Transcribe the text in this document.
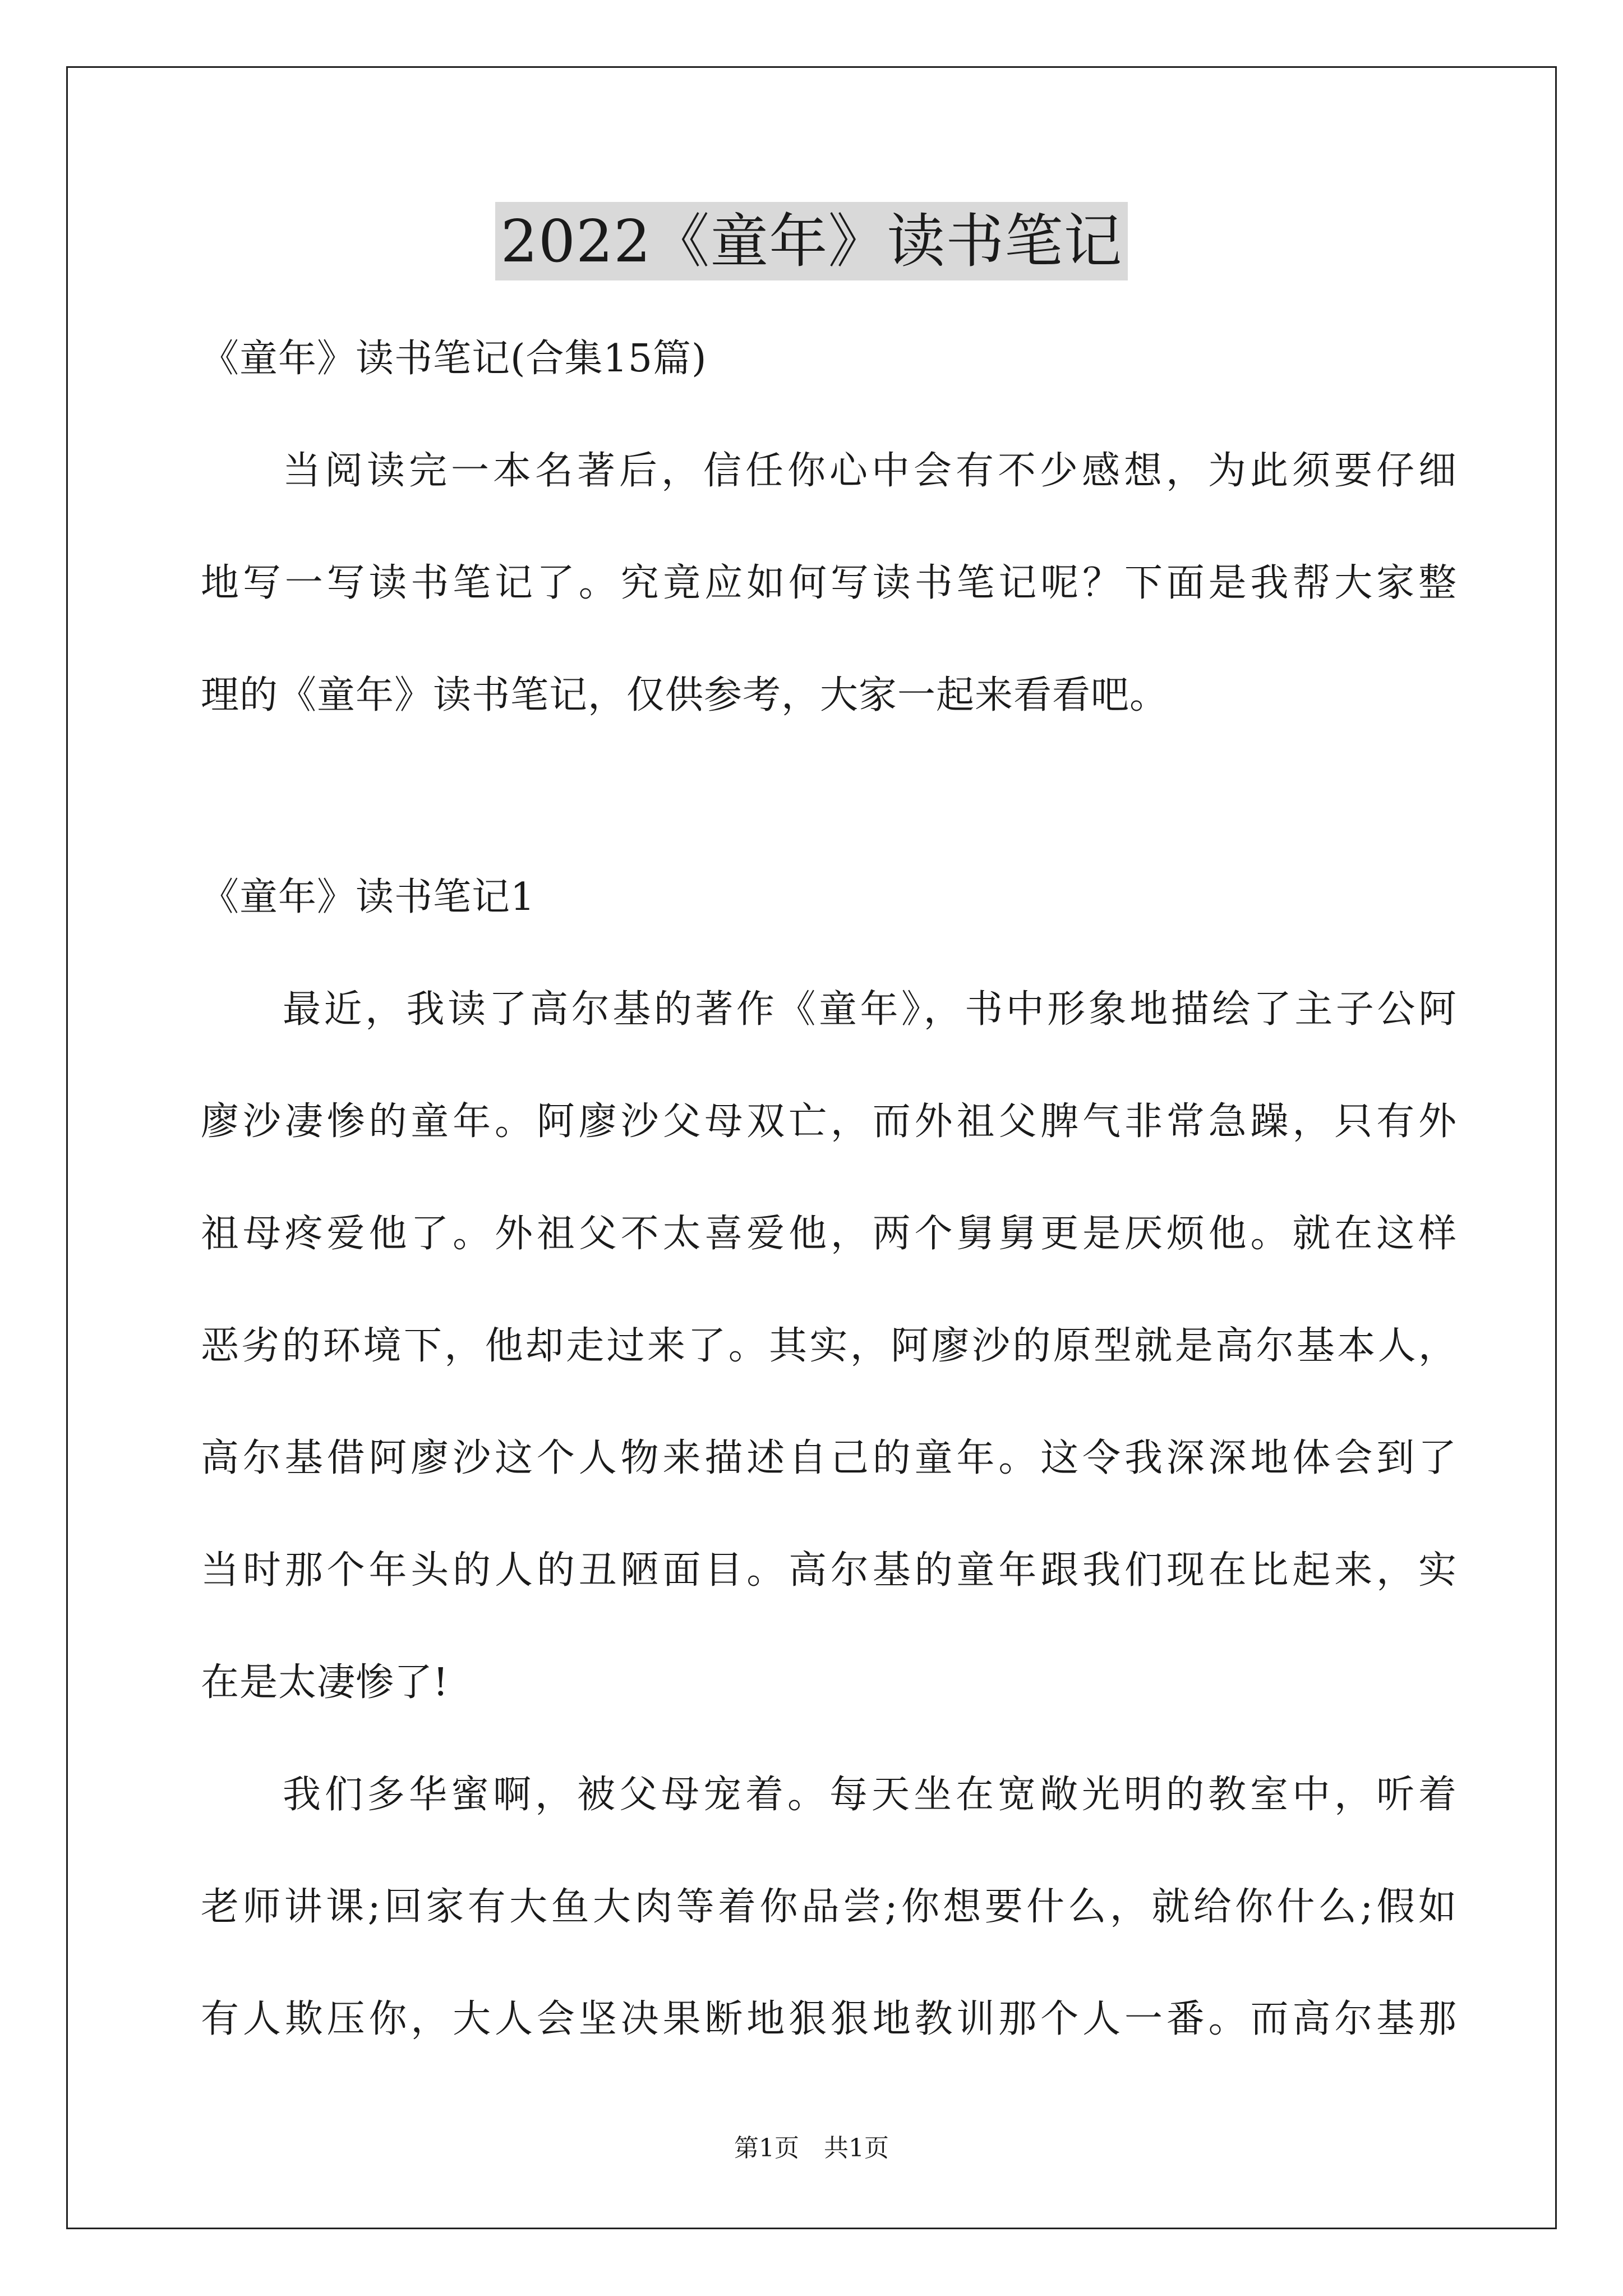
2022《童年》读书笔记
《童年》读书笔记(合集15篇)
当阅读完一本名著后，信任你心中会有不少感想，为此须要仔细
地写一写读书笔记了。究竟应如何写读书笔记呢？下面是我帮大家整
理的《童年》读书笔记，仅供参考，大家一起来看看吧。
《童年》读书笔记1
最近，我读了高尔基的著作《童年》，书中形象地描绘了主子公阿
廖沙凄惨的童年。阿廖沙父母双亡，而外祖父脾气非常急躁，只有外
祖母疼爱他了。外祖父不太喜爱他，两个舅舅更是厌烦他。就在这样
恶劣的环境下，他却走过来了。其实，阿廖沙的原型就是高尔基本人，
高尔基借阿廖沙这个人物来描述自己的童年。这令我深深地体会到了
当时那个年头的人的丑陋面目。高尔基的童年跟我们现在比起来，实
在是太凄惨了!
我们多华蜜啊，被父母宠着。每天坐在宽敞光明的教室中，听着
老师讲课;回家有大鱼大肉等着你品尝;你想要什么，就给你什么;假如
有人欺压你，大人会坚决果断地狠狠地教训那个人一番。而高尔基那
第1页 共1页
